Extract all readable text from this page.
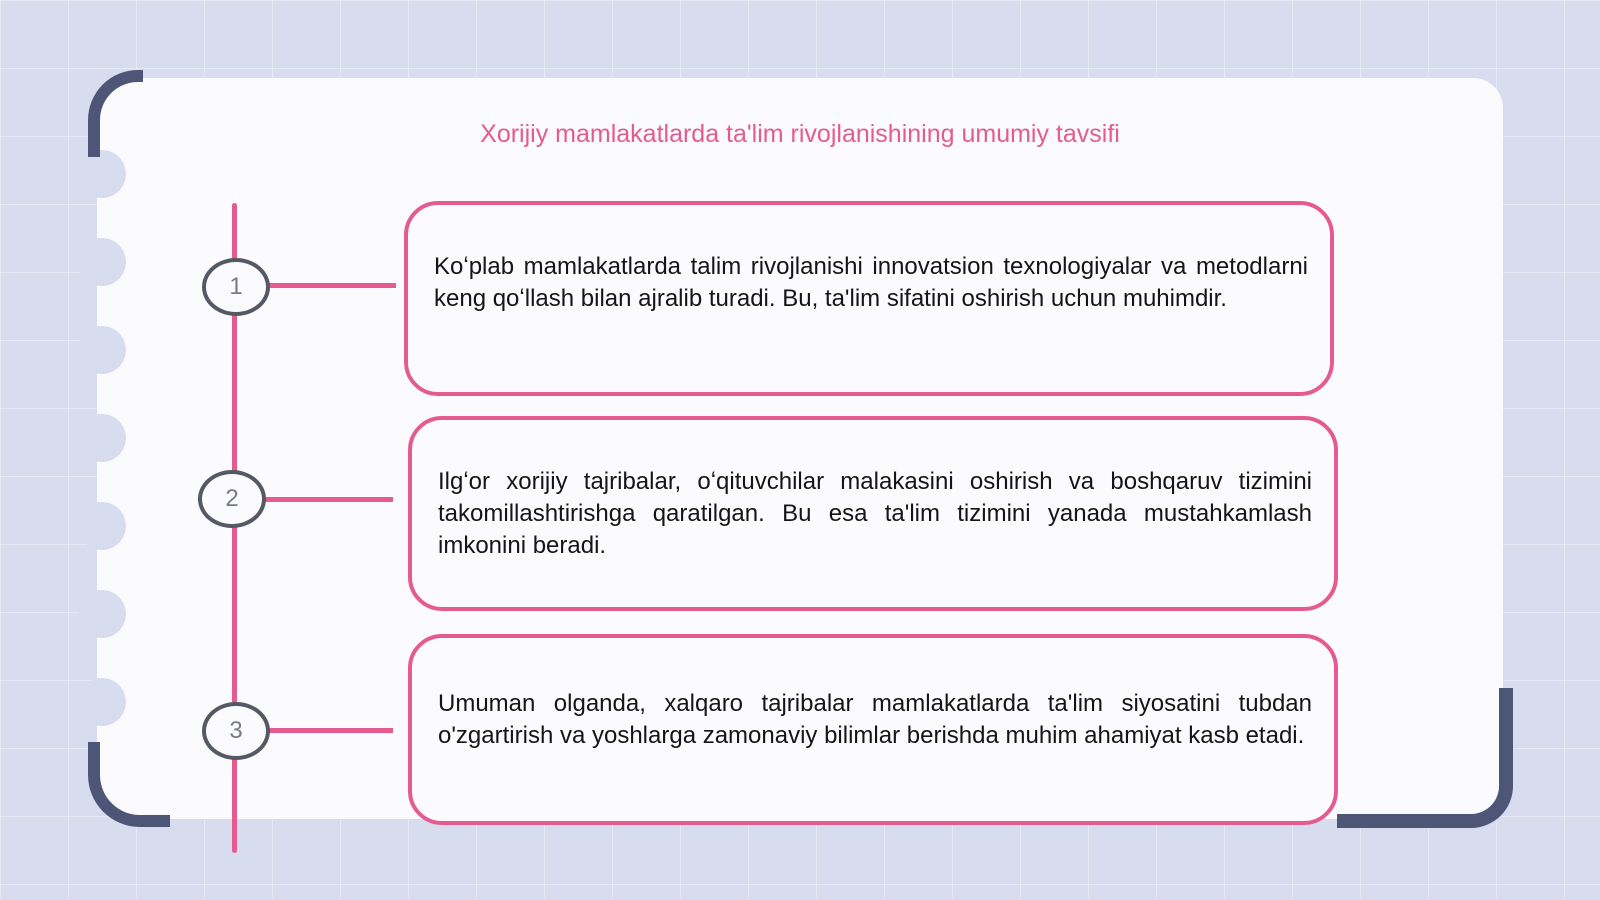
Xorijiy mamlakatlarda ta'lim rivojlanishining umumiy tavsifi
1

Koʻplab mamlakatlarda talim rivojlanishi innovatsion texnologiyalar va metodlarni keng qoʻllash bilan ajralib turadi. Bu, ta'lim sifatini oshirish uchun muhimdir.

2

Ilgʻor xorijiy tajribalar, oʻqituvchilar malakasini oshirish va boshqaruv tizimini takomillashtirishga qaratilgan. Bu esa ta'lim tizimini yanada mustahkamlash imkonini beradi.

3

Umuman olganda, xalqaro tajribalar mamlakatlarda ta'lim siyosatini tubdan o'zgartirish va yoshlarga zamonaviy bilimlar berishda muhim ahamiyat kasb etadi.
